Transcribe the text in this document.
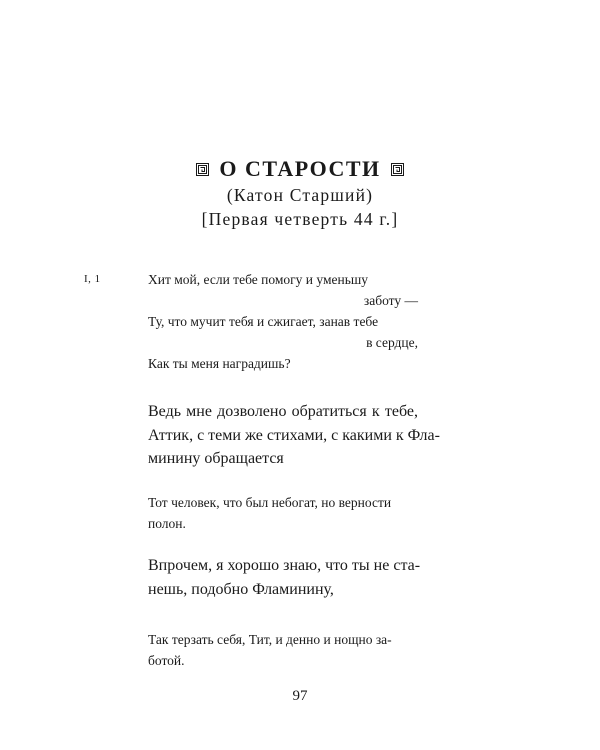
О СТАРОСТИ
(Катон Старший)
[Первая четверть 44 г.]
I, 1	Хит мой, если тебе помогу и уменьшу
заботу —
Ту, что мучит тебя и сжигает, занав тебе
в сердце,
Как ты меня наградишь?
Ведь мне дозволено обратиться к тебе,
Аттик, с теми же стихами, с какими к Фла-
минину обращается
Тот человек, что был небогат, но верности
полон.
Впрочем, я хорошо знаю, что ты не ста-
нешь, подобно Фламинину,
Так терзать себя, Тит, и денно и нощно за-
ботой.
97
